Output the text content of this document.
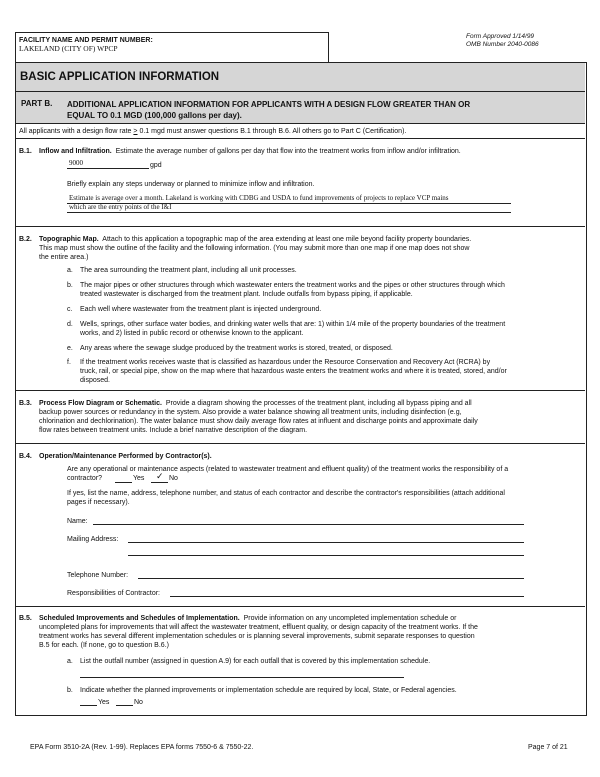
FACILITY NAME AND PERMIT NUMBER:
LAKELAND (CITY OF) WPCP
Form Approved 1/14/99
OMB Number 2040-0086
BASIC APPLICATION INFORMATION
PART B. ADDITIONAL APPLICATION INFORMATION FOR APPLICANTS WITH A DESIGN FLOW GREATER THAN OR
EQUAL TO 0.1 MGD (100,000 gallons per day).
All applicants with a design flow rate > 0.1 mgd must answer questions B.1 through B.6. All others go to Part C (Certification).
B.1. Inflow and Infiltration. Estimate the average number of gallons per day that flow into the treatment works from inflow and/or infiltration.
9000	gpd
Briefly explain any steps underway or planned to minimize inflow and infiltration.
Estimate is average over a month. Lakeland is working with CDBG and USDA to fund improvements of projects to replace VCP mains
which are the entry points of the I&I
B.2. Topographic Map. Attach to this application a topographic map of the area extending at least one mile beyond facility property boundaries.
This map must show the outline of the facility and the following information. (You may submit more than one map if one map does not show
the entire area.)
a. The area surrounding the treatment plant, including all unit processes.
b. The major pipes or other structures through which wastewater enters the treatment works and the pipes or other structures through which
treated wastewater is discharged from the treatment plant. Include outfalls from bypass piping, if applicable.
c. Each well where wastewater from the treatment plant is injected underground.
d. Wells, springs, other surface water bodies, and drinking water wells that are: 1) within 1/4 mile of the property boundaries of the treatment
works, and 2) listed in public record or otherwise known to the applicant.
e. Any areas where the sewage sludge produced by the treatment works is stored, treated, or disposed.
f. If the treatment works receives waste that is classified as hazardous under the Resource Conservation and Recovery Act (RCRA) by
truck, rail, or special pipe, show on the map where that hazardous waste enters the treatment works and where it is treated, stored, and/or
disposed.
B.3. Process Flow Diagram or Schematic. Provide a diagram showing the processes of the treatment plant, including all bypass piping and all
backup power sources or redundancy in the system. Also provide a water balance showing all treatment units, including disinfection (e.g,
chlorination and dechlorination). The water balance must show daily average flow rates at influent and discharge points and approximate daily
flow rates between treatment units. Include a brief narrative description of the diagram.
B.4. Operation/Maintenance Performed by Contractor(s).
Are any operational or maintenance aspects (related to wastewater treatment and effluent quality) of the treatment works the responsibility of a
contractor?	Yes ✓ No
If yes, list the name, address, telephone number, and status of each contractor and describe the contractor's responsibilities (attach additional
pages if necessary).
Name:
Mailing Address:
Telephone Number:
Responsibilities of Contractor:
B.5. Scheduled Improvements and Schedules of Implementation. Provide information on any uncompleted implementation schedule or
uncompleted plans for improvements that will affect the wastewater treatment, effluent quality, or design capacity of the treatment works. If the
treatment works has several different implementation schedules or is planning several improvements, submit separate responses to question
B.5 for each. (If none, go to question B.6.)
a. List the outfall number (assigned in question A.9) for each outfall that is covered by this implementation schedule.
b. Indicate whether the planned improvements or implementation schedule are required by local, State, or Federal agencies.
Yes	No
EPA Form 3510-2A (Rev. 1-99). Replaces EPA forms 7550-6 & 7550-22.	Page 7 of 21
